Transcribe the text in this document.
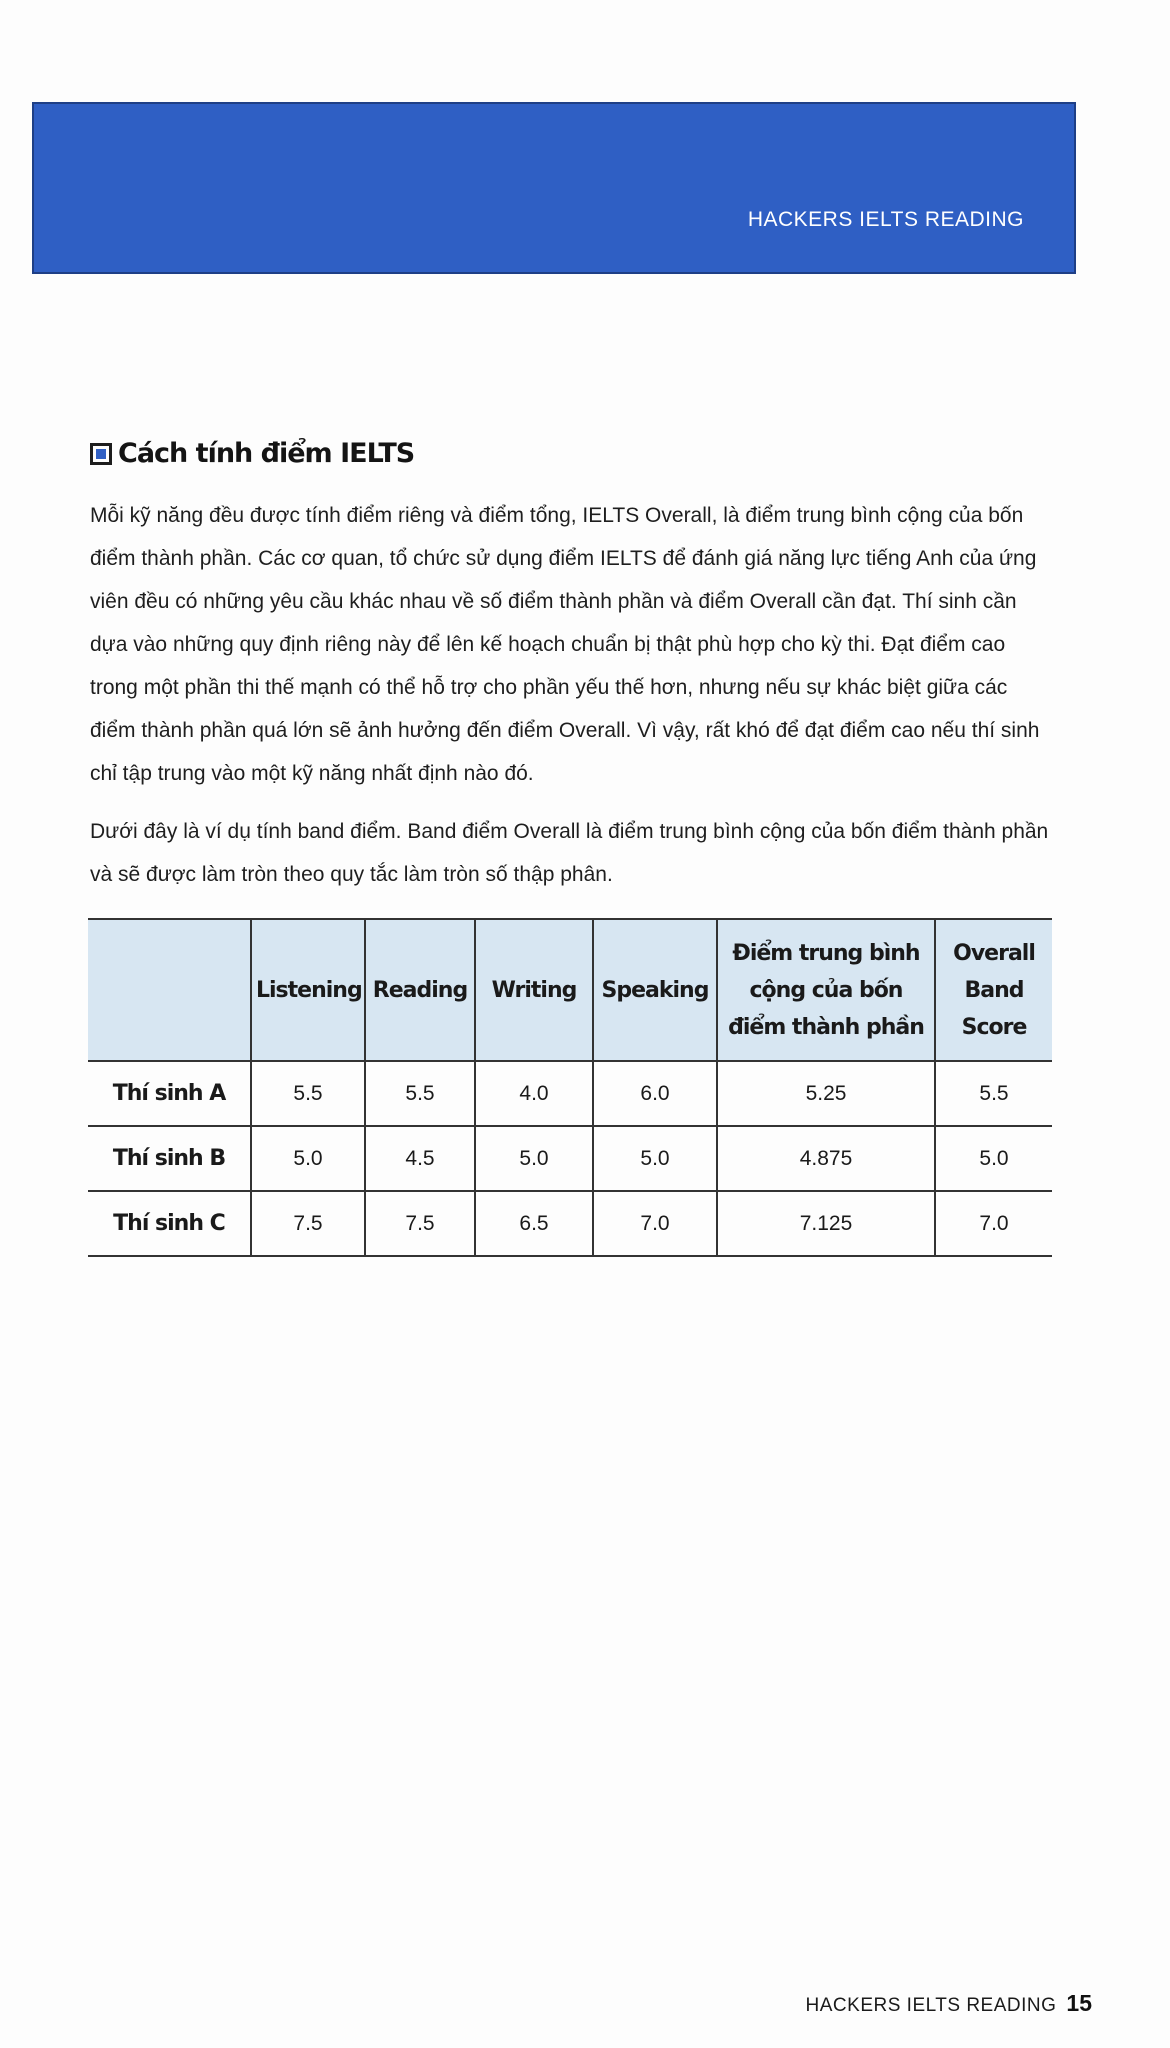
HACKERS IELTS READING
Cách tính điểm IELTS

Mỗi kỹ năng đều được tính điểm riêng và điểm tổng, IELTS Overall, là điểm trung bình cộng của bốn điểm thành phần. Các cơ quan, tổ chức sử dụng điểm IELTS để đánh giá năng lực tiếng Anh của ứng viên đều có những yêu cầu khác nhau về số điểm thành phần và điểm Overall cần đạt. Thí sinh cần dựa vào những quy định riêng này để lên kế hoạch chuẩn bị thật phù hợp cho kỳ thi. Đạt điểm cao trong một phần thi thế mạnh có thể hỗ trợ cho phần yếu thế hơn, nhưng nếu sự khác biệt giữa các điểm thành phần quá lớn sẽ ảnh hưởng đến điểm Overall. Vì vậy, rất khó để đạt điểm cao nếu thí sinh chỉ tập trung vào một kỹ năng nhất định nào đó.

Dưới đây là ví dụ tính band điểm. Band điểm Overall là điểm trung bình cộng của bốn điểm thành phần và sẽ được làm tròn theo quy tắc làm tròn số thập phân.

	Listening	Reading	Writing	Speaking	Điểm trung bình cộng của bốn điểm thành phần	Overall Band Score
Thí sinh A	5.5	5.5	4.0	6.0	5.25	5.5
Thí sinh B	5.0	4.5	5.0	5.0	4.875	5.0
Thí sinh C	7.5	7.5	6.5	7.0	7.125	7.0
HACKERS IELTS READING 15
